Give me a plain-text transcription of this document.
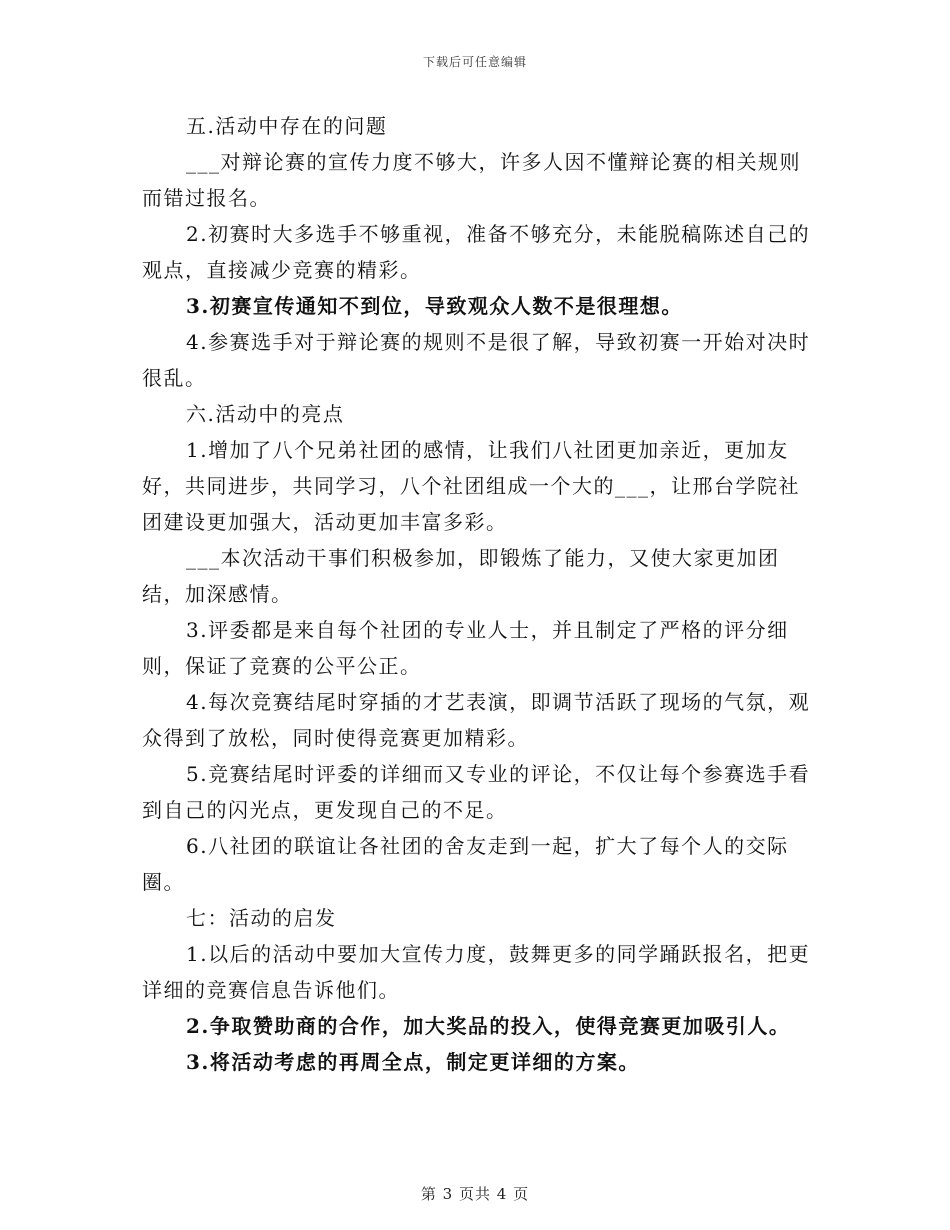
下载后可任意编辑

五.活动中存在的问题

___对辩论赛的宣传力度不够大，许多人因不懂辩论赛的相关规则而错过报名。

2.初赛时大多选手不够重视，准备不够充分，未能脱稿陈述自己的观点，直接减少竞赛的精彩。

3.初赛宣传通知不到位，导致观众人数不是很理想。

4.参赛选手对于辩论赛的规则不是很了解，导致初赛一开始对决时很乱。

六.活动中的亮点

1.增加了八个兄弟社团的感情，让我们八社团更加亲近，更加友好，共同进步，共同学习，八个社团组成一个大的___，让邢台学院社团建设更加强大，活动更加丰富多彩。

___本次活动干事们积极参加，即锻炼了能力，又使大家更加团结，加深感情。

3.评委都是来自每个社团的专业人士，并且制定了严格的评分细则，保证了竞赛的公平公正。

4.每次竞赛结尾时穿插的才艺表演，即调节活跃了现场的气氛，观众得到了放松，同时使得竞赛更加精彩。

5.竞赛结尾时评委的详细而又专业的评论，不仅让每个参赛选手看到自己的闪光点，更发现自己的不足。

6.八社团的联谊让各社团的舍友走到一起，扩大了每个人的交际圈。

七：活动的启发

1.以后的活动中要加大宣传力度，鼓舞更多的同学踊跃报名，把更详细的竞赛信息告诉他们。

2.争取赞助商的合作，加大奖品的投入，使得竞赛更加吸引人。

3.将活动考虑的再周全点，制定更详细的方案。

第 3 页共 4 页
